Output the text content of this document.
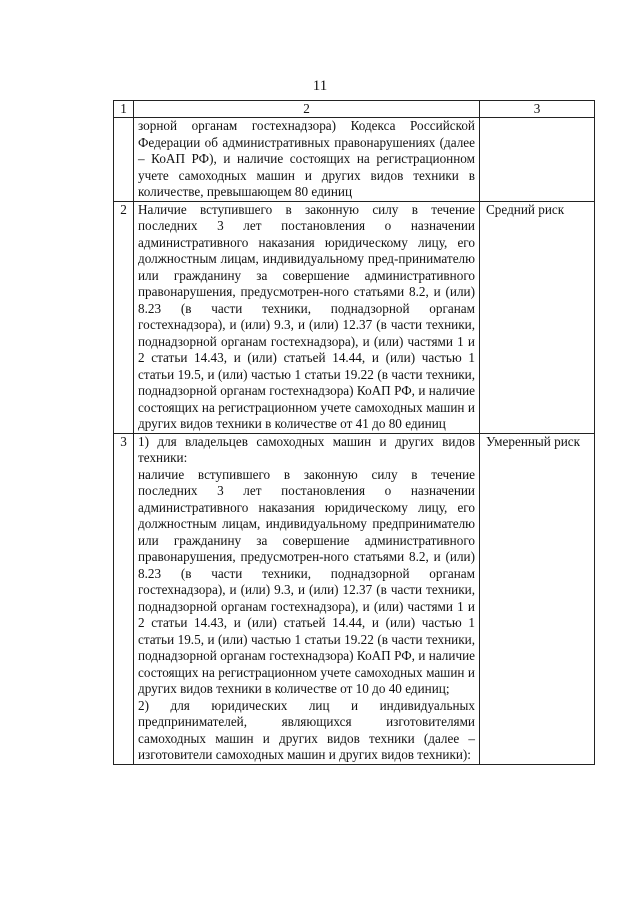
11
1	2	3
	зорной органам гостехнадзора) Кодекса Российской Федерации об административных правонарушениях (далее – КоАП РФ), и наличие состоящих на регистрационном учете самоходных машин и других видов техники в количестве, превышающем 80 единиц	
2	Наличие вступившего в законную силу в течение последних 3 лет постановления о назначении административного наказания юридическому лицу, его должностным лицам, индивидуальному пред-принимателю или гражданину за совершение административного правонарушения, предусмотрен-ного статьями 8.2, и (или) 8.23 (в части техники, поднадзорной органам гостехнадзора), и (или) 9.3, и (или) 12.37 (в части техники, поднадзорной органам гостехнадзора), и (или) частями 1 и 2 статьи 14.43, и (или) статьей 14.44, и (или) частью 1 статьи 19.5, и (или) частью 1 статьи 19.22 (в части техники, поднадзорной органам гостехнадзора) КоАП РФ, и наличие состоящих на регистрационном учете самоходных машин и других видов техники в количестве от 41 до 80 единиц	Средний риск
3	1) для владельцев самоходных машин и других видов техники:
наличие вступившего в законную силу в течение последних 3 лет постановления о назначении административного наказания юридическому лицу, его должностным лицам, индивидуальному предпринимателю или гражданину за совершение административного правонарушения, предусмотрен-ного статьями 8.2, и (или) 8.23 (в части техники, поднадзорной органам гостехнадзора), и (или) 9.3, и (или) 12.37 (в части техники, поднадзорной органам гостехнадзора), и (или) частями 1 и 2 статьи 14.43, и (или) статьей 14.44, и (или) частью 1 статьи 19.5, и (или) частью 1 статьи 19.22 (в части техники, поднадзорной органам гостехнадзора) КоАП РФ, и наличие состоящих на регистрационном учете самоходных машин и других видов техники в количестве от 10 до 40 единиц;
2) для юридических лиц и индивидуальных предпринимателей, являющихся изготовителями самоходных машин и других видов техники (далее – изготовители самоходных машин и других видов техники):	Умеренный риск
